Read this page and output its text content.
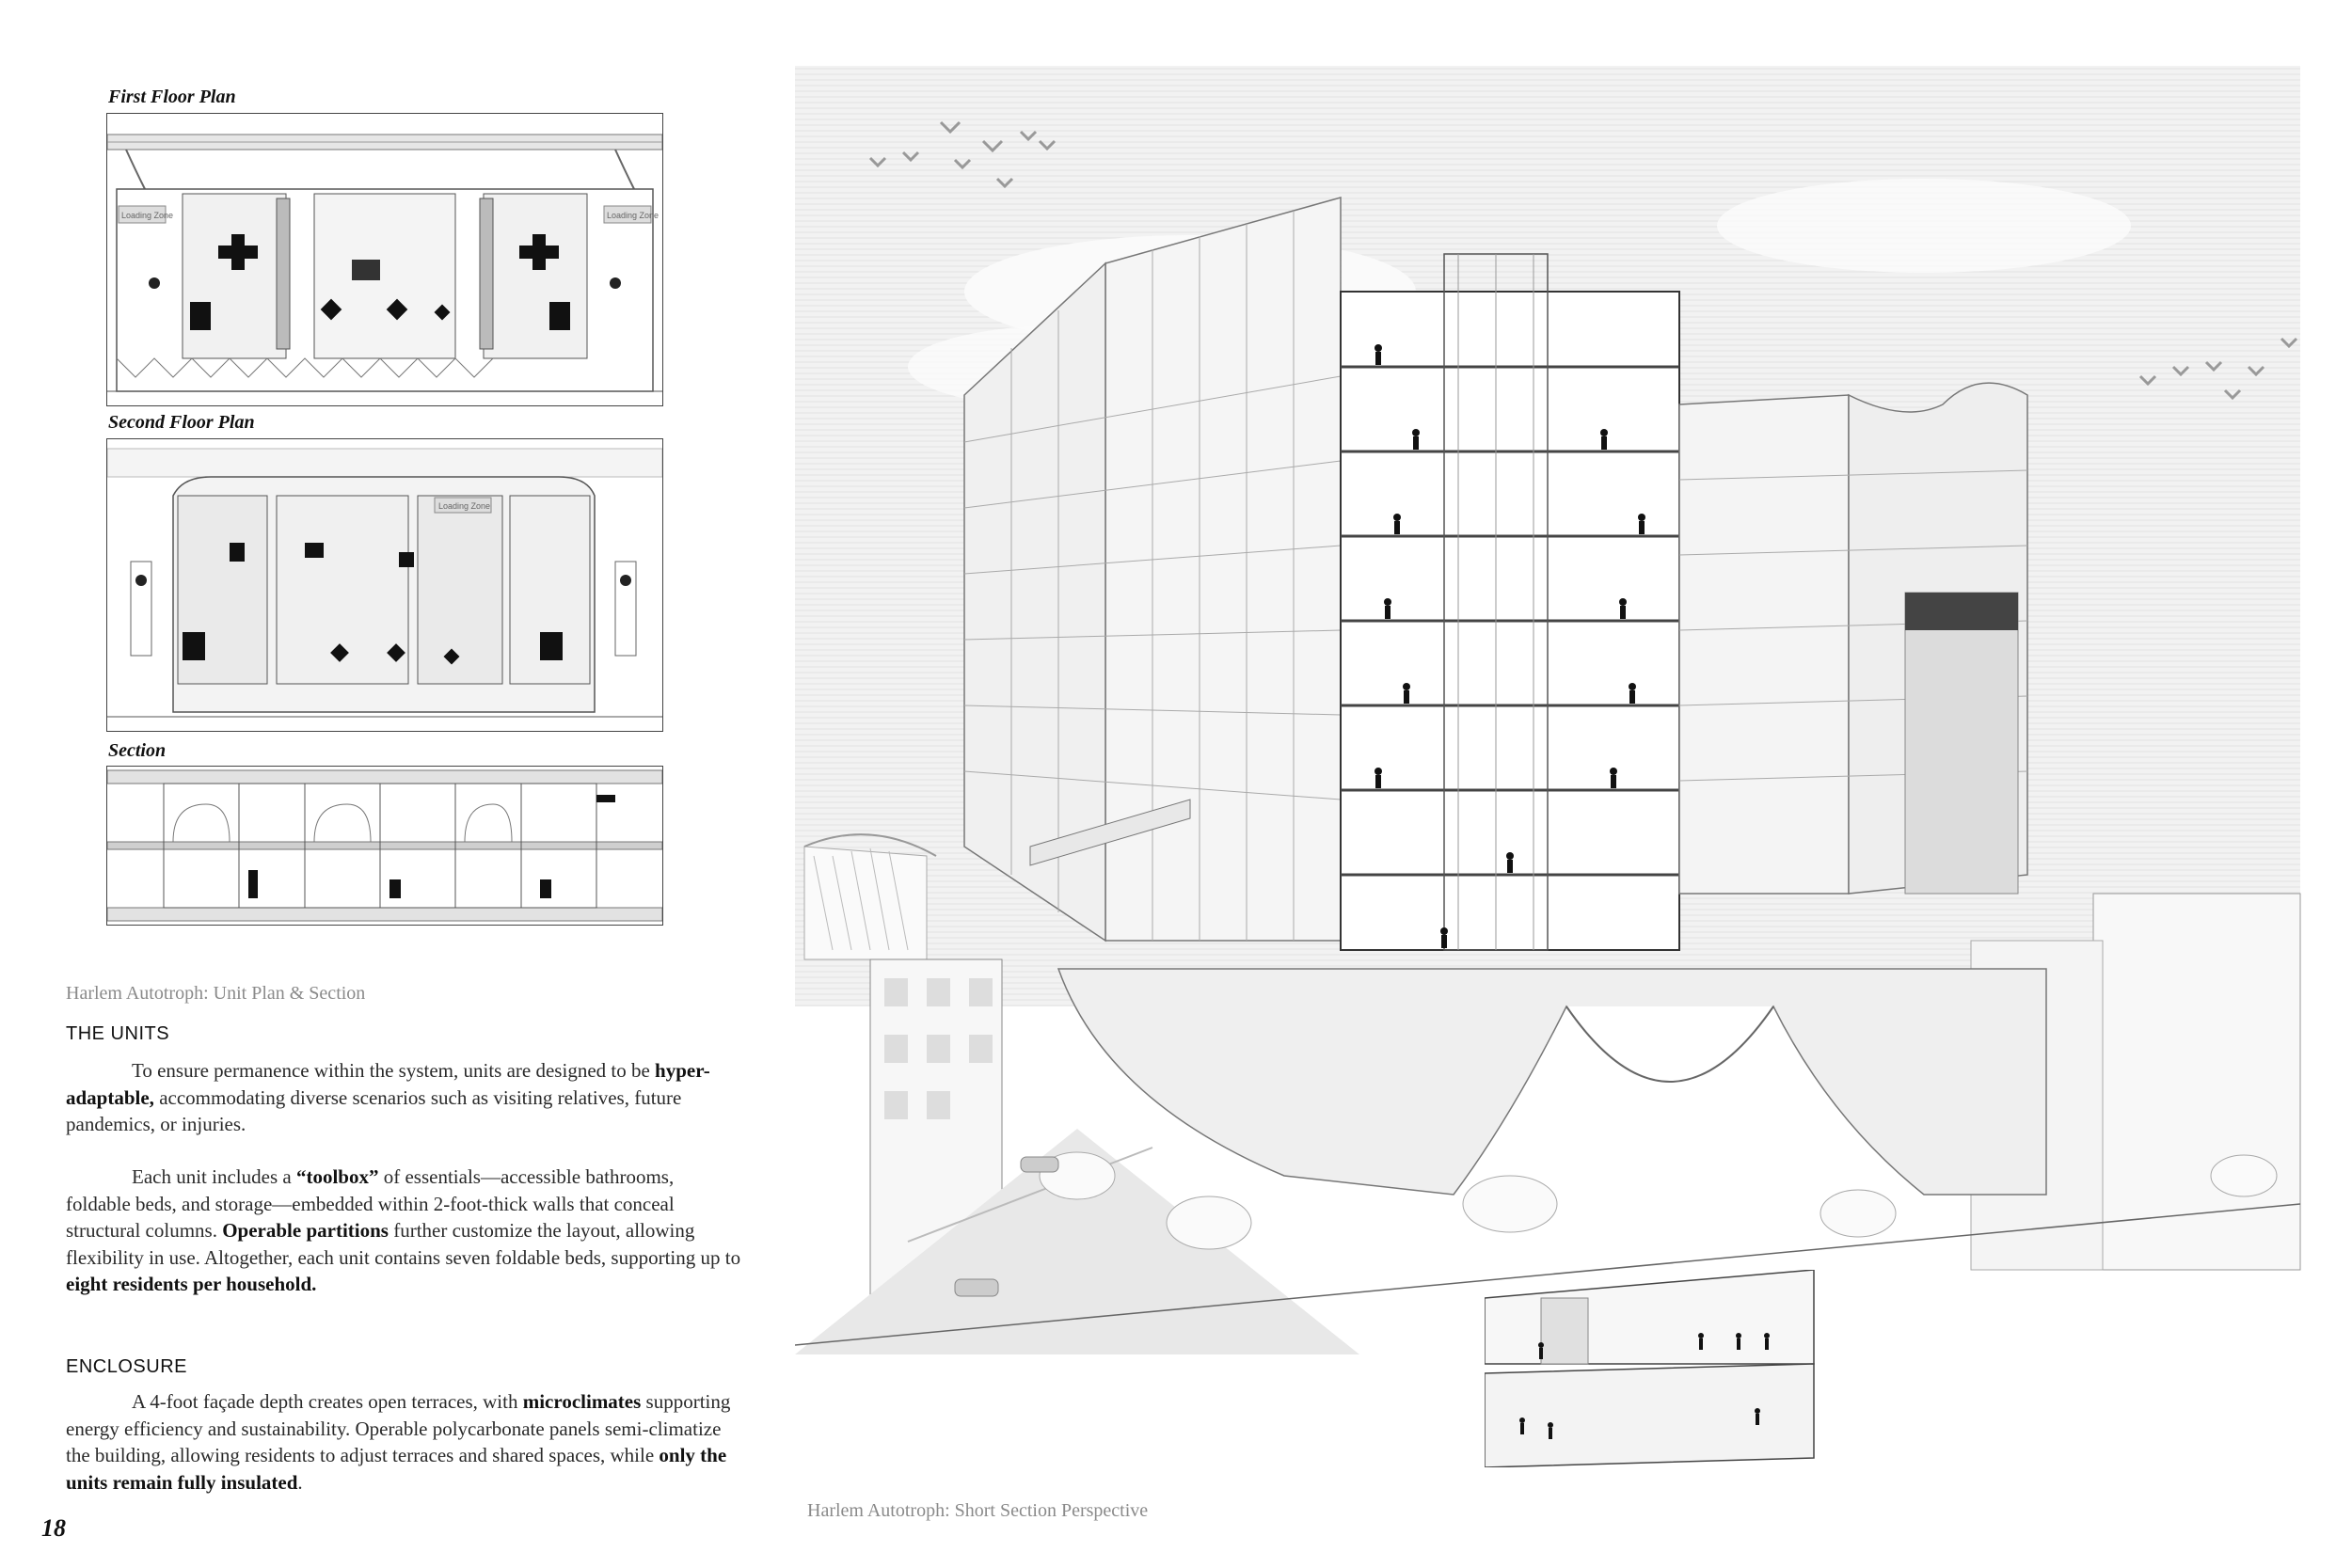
First Floor Plan
Loading Zone	Loading Zone
Second Floor Plan
Loading Zone
Section
Harlem Autotroph: Unit Plan & Section
THE UNITS
To ensure permanence within the system, units are designed to be hyper-adaptable, accommodating diverse scenarios such as visiting relatives, future pandemics, or injuries.
Each unit includes a “toolbox” of essentials—accessible bathrooms, foldable beds, and storage—embedded within 2-foot-thick walls that conceal structural columns. Operable partitions further customize the layout, allowing flexibility in use. Altogether, each unit contains seven foldable beds, supporting up to eight residents per household.
ENCLOSURE
A 4-foot façade depth creates open terraces, with microclimates supporting energy efficiency and sustainability. Operable polycarbonate panels semi-climatize the building, allowing residents to adjust terraces and shared spaces, while only the units remain fully insulated.
18
Harlem Autotroph: Short Section Perspective
